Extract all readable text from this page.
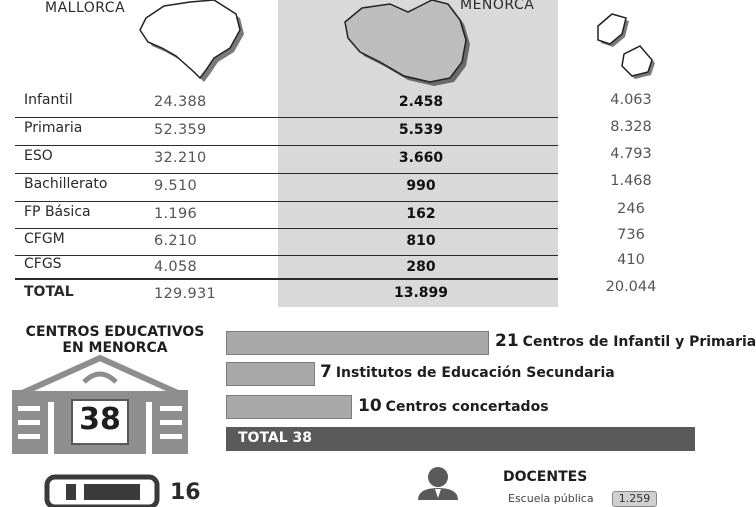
MALLORCA	MENORCA
Infantil	24.388	2.458	4.063
Primaria	52.359	5.539	8.328
ESO	32.210	3.660	4.793
Bachillerato	9.510	990	1.468
FP Básica	1.196	162	246
CFGM	6.210	810	736
CFGS	4.058	280	410
TOTAL	129.931	13.899	20.044
CENTROS EDUCATIVOS
EN MENORCA
38
21 Centros de Infantil y Primaria
7 Institutos de Educación Secundaria
10 Centros concertados
TOTAL 38
16
DOCENTES
Escuela pública	1.259
